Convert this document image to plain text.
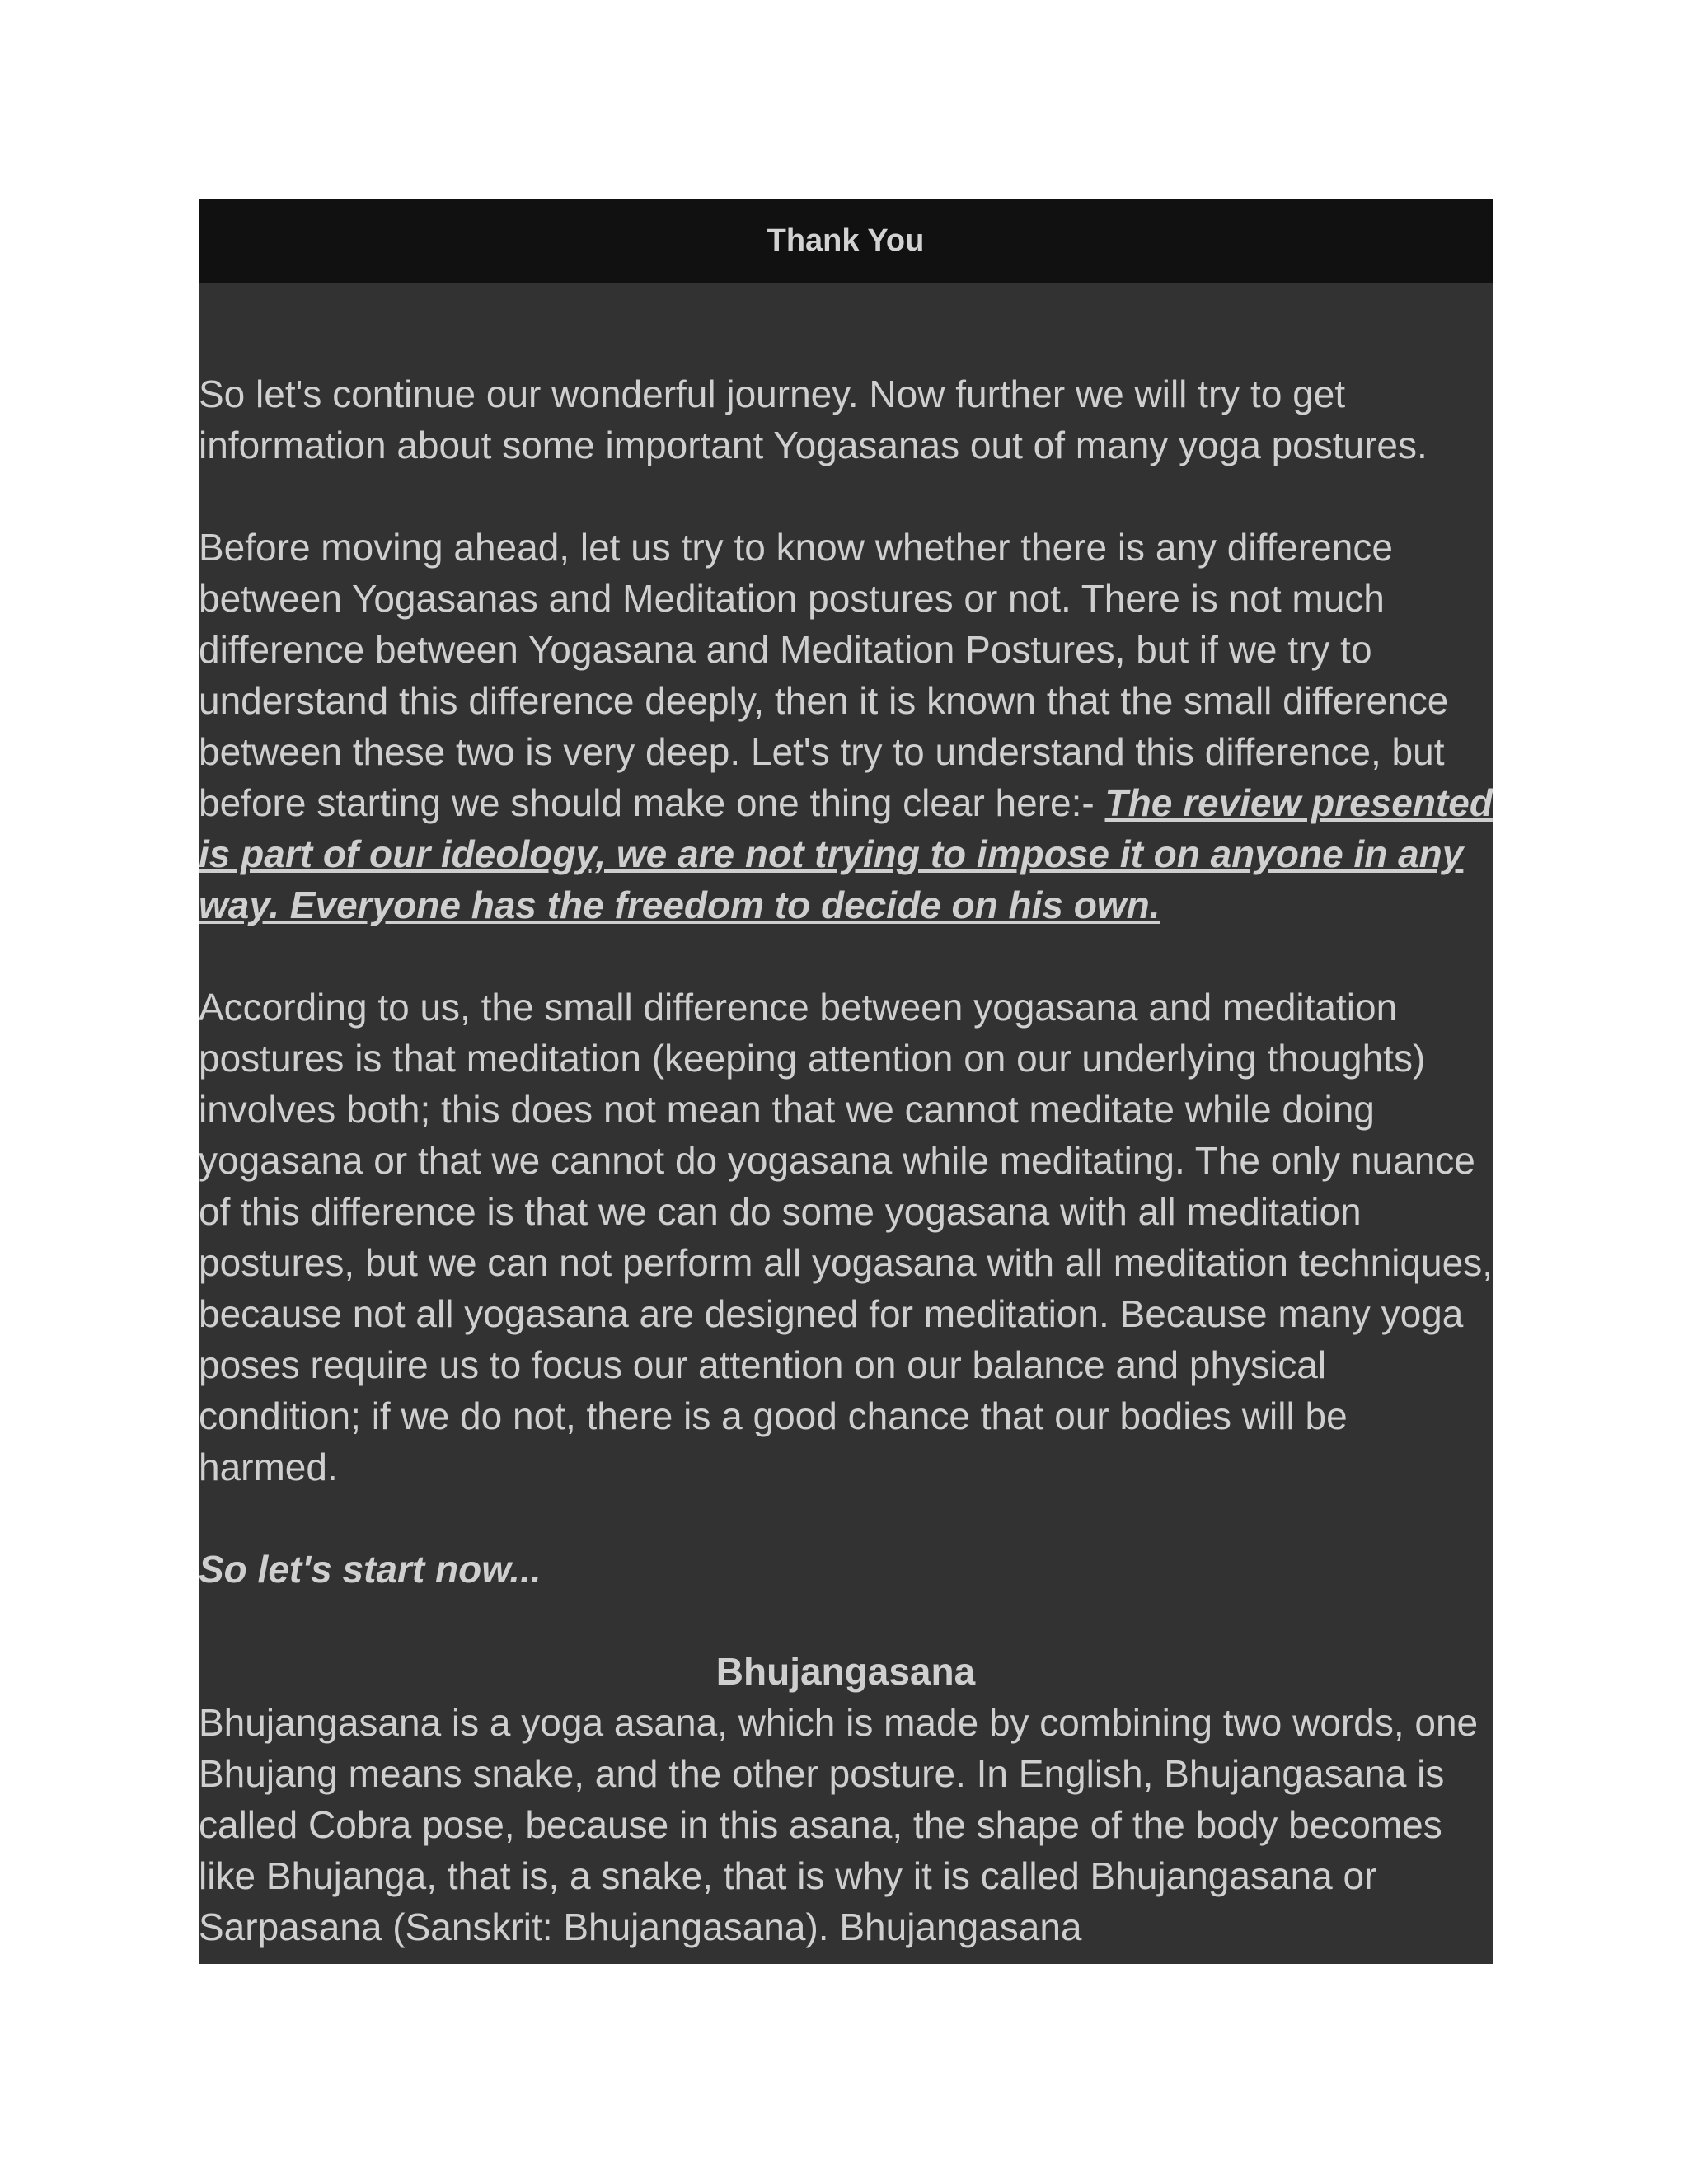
Thank You

So let's continue our wonderful journey. Now further we will try to get information about some important Yogasanas out of many yoga postures.

Before moving ahead, let us try to know whether there is any difference between Yogasanas and Meditation postures or not. There is not much difference between Yogasana and Meditation Postures, but if we try to understand this difference deeply, then it is known that the small difference between these two is very deep. Let's try to understand this difference, but before starting we should make one thing clear here:- The review presented is part of our ideology, we are not trying to impose it on anyone in any way. Everyone has the freedom to decide on his own.

According to us, the small difference between yogasana and meditation postures is that meditation (keeping attention on our underlying thoughts) involves both; this does not mean that we cannot meditate while doing yogasana or that we cannot do yogasana while meditating. The only nuance of this difference is that we can do some yogasana with all meditation postures, but we can not perform all yogasana with all meditation techniques, because not all yogasana are designed for meditation. Because many yoga poses require us to focus our attention on our balance and physical condition; if we do not, there is a good chance that our bodies will be harmed.

So let's start now...

Bhujangasana

Bhujangasana is a yoga asana, which is made by combining two words, one Bhujang means snake, and the other posture. In English, Bhujangasana is called Cobra pose, because in this asana, the shape of the body becomes like Bhujanga, that is, a snake, that is why it is called Bhujangasana or Sarpasana (Sanskrit: Bhujangasana). Bhujangasana
